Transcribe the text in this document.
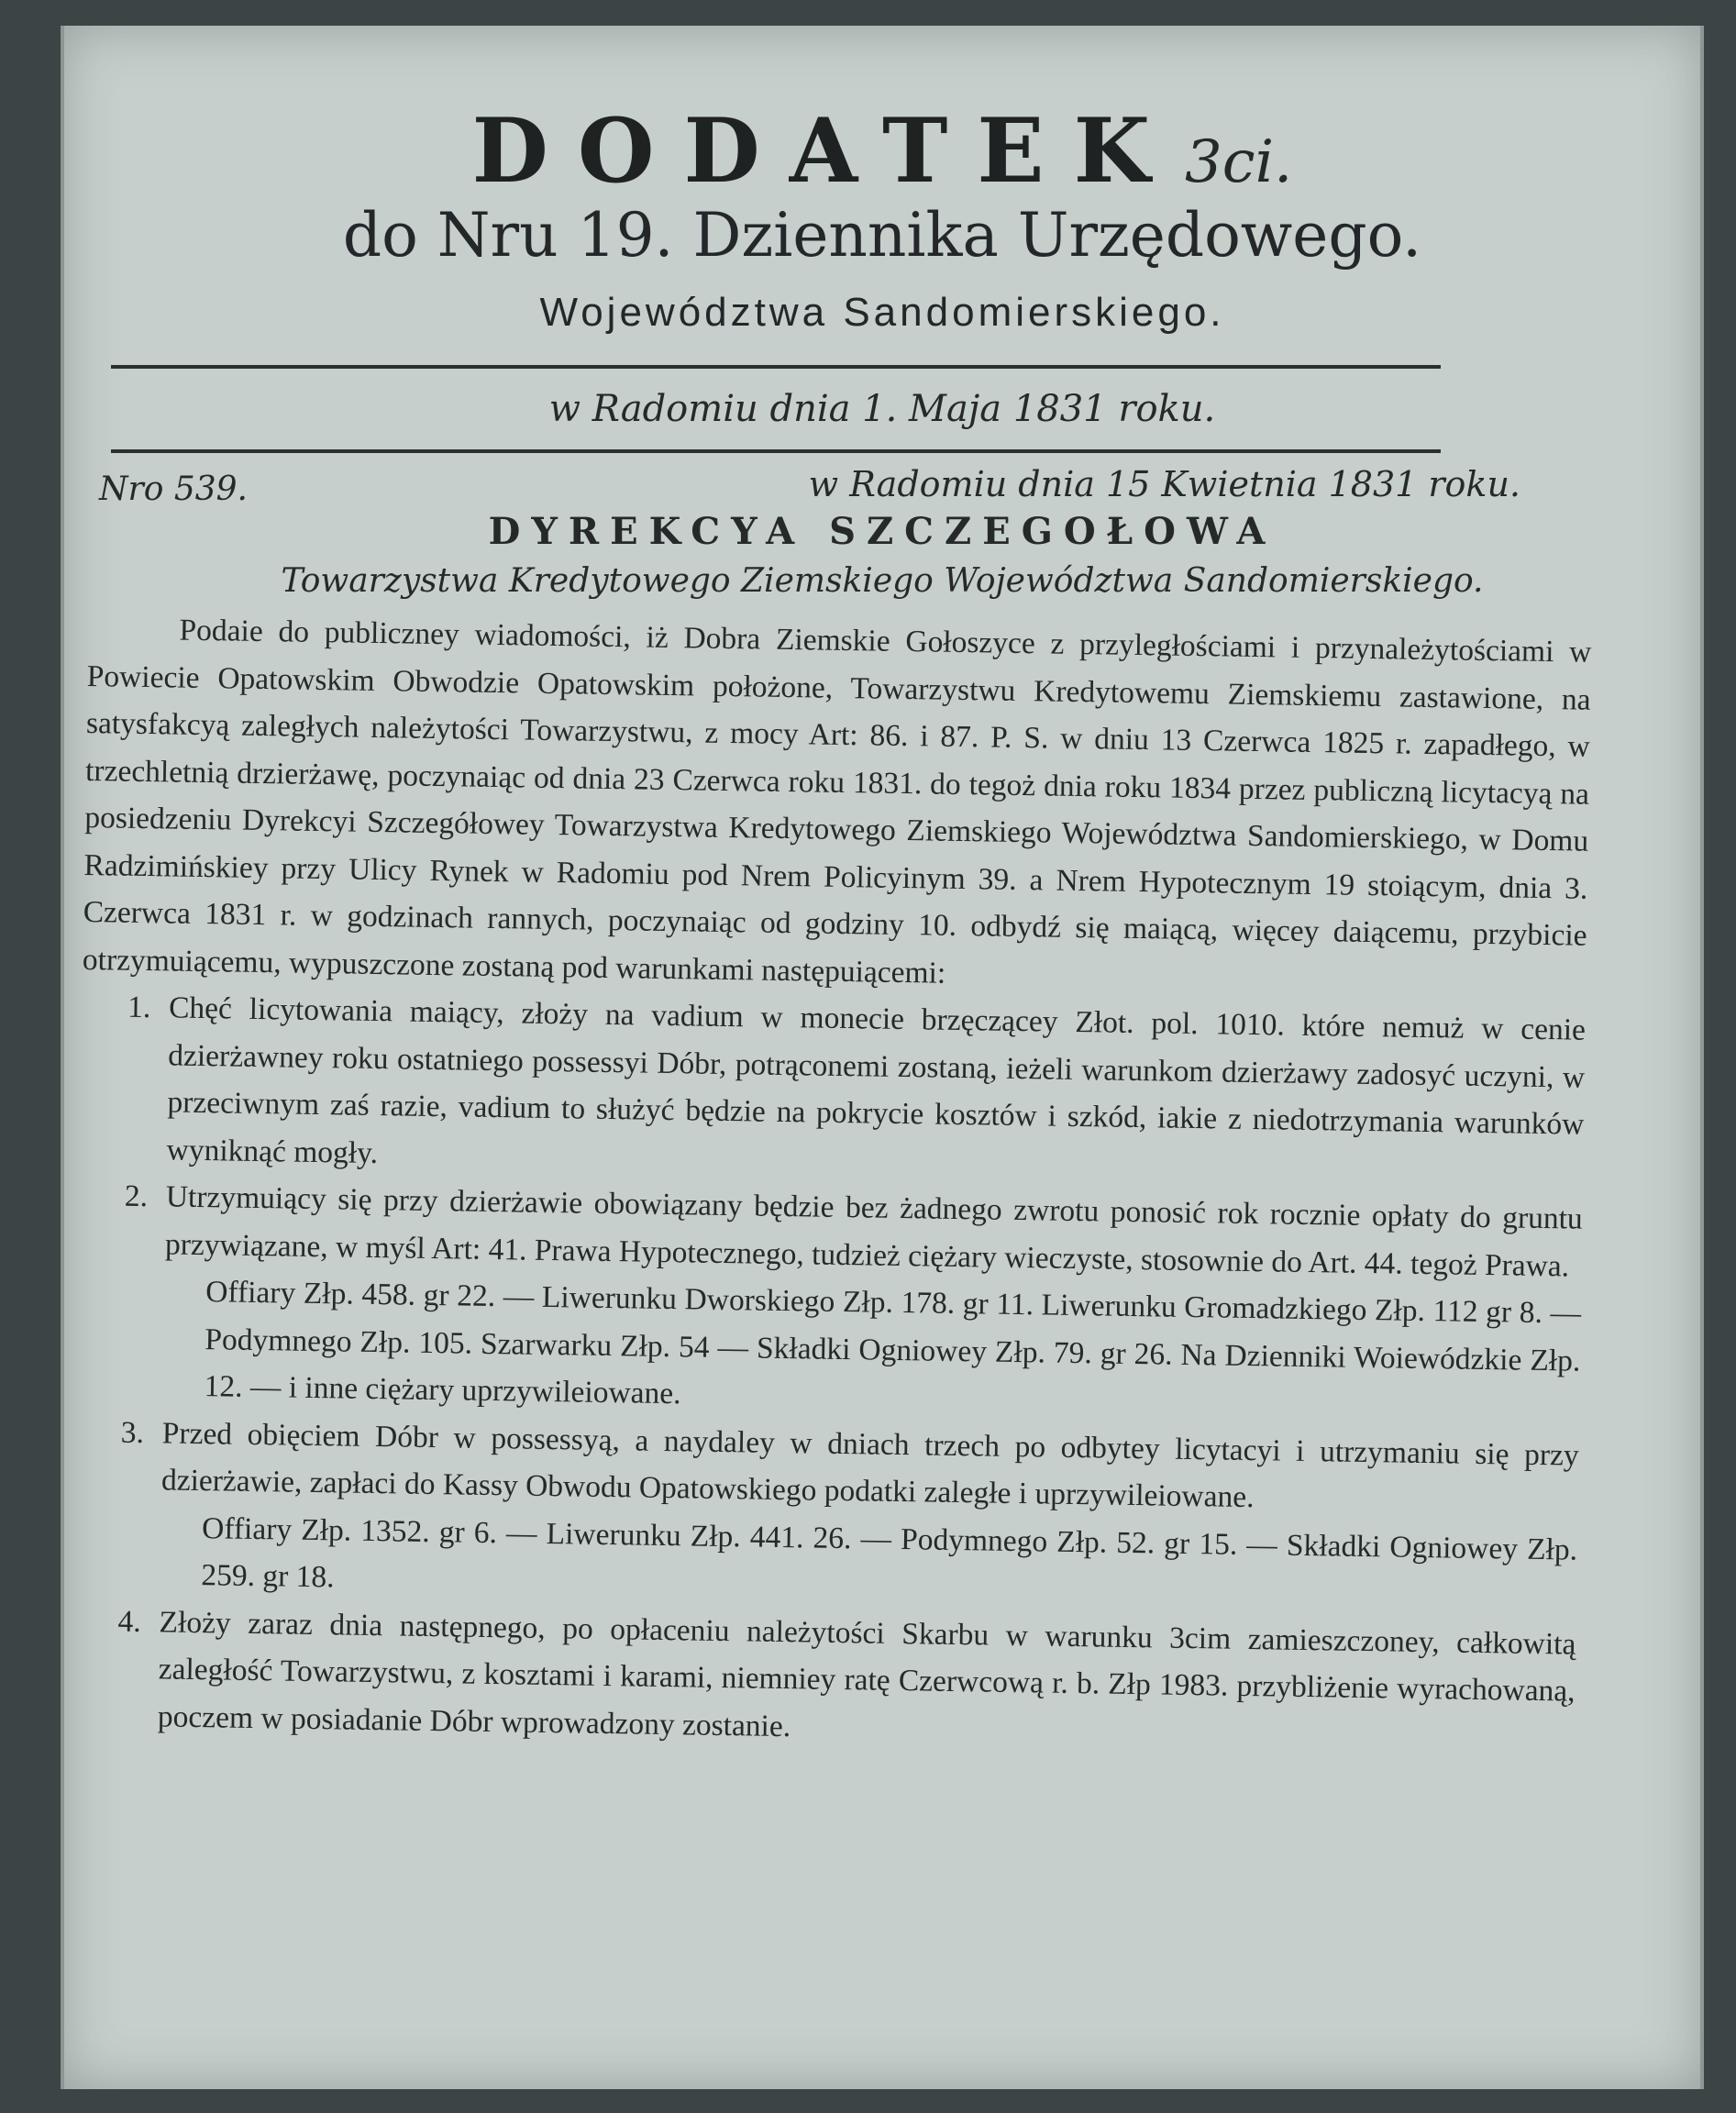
DODATEK3ci.
do Nru 19. Dziennika Urzędowego.
Województwa Sandomierskiego.
w Radomiu dnia 1. Maja 1831 roku.
Nro 539.	w Radomiu dnia 15 Kwietnia 1831 roku.
DYREKCYA SZCZEGOŁOWA
Towarzystwa Kredytowego Ziemskiego Województwa Sandomierskiego.

Podaie do publiczney wiadomości, iż Dobra Ziemskie Gołoszyce z przyległościami i przynależytościami w Powiecie Opatowskim Obwodzie Opatowskim położone, Towarzystwu Kredytowemu Ziemskiemu zastawione, na satysfakcyą zaległych należytości Towarzystwu, z mocy Art: 86. i 87. P. S. w dniu 13 Czerwca 1825 r. zapadłego, w trzechletnią drzierżawę, poczynaiąc od dnia 23 Czerwca roku 1831. do tegoż dnia roku 1834 przez publiczną licytacyą na posiedzeniu Dyrekcyi Szczegółowey Towarzystwa Kredytowego Ziemskiego Województwa Sandomierskiego, w Domu Radzimińskiey przy Ulicy Rynek w Radomiu pod Nrem Policyinym 39. a Nrem Hypotecznym 19 stoiącym, dnia 3. Czerwca 1831 r. w godzinach rannych, poczynaiąc od godziny 10. odbydź się maiącą, więcey daiącemu, przybicie otrzymuiącemu, wypuszczone zostaną pod warunkami następuiącemi:

1. Chęć licytowania maiący, złoży na vadium w monecie brzęczącey Złot. pol. 1010. które nemuż w cenie dzierżawney roku ostatniego possessyi Dóbr, potrąconemi zostaną, ieżeli warunkom dzierżawy zadosyć uczyni, w przeciwnym zaś razie, vadium to służyć będzie na pokrycie kosztów i szkód, iakie z niedotrzymania warunków wyniknąć mogły.

2. Utrzymuiący się przy dzierżawie obowiązany będzie bez żadnego zwrotu ponosić rok rocznie opłaty do gruntu przywiązane, w myśl Art: 41. Prawa Hypotecznego, tudzież ciężary wieczyste, stosownie do Art. 44. tegoż Prawa.

Offiary Złp. 458. gr 22. — Liwerunku Dworskiego Złp. 178. gr 11. Liwerunku Gromadzkiego Złp. 112 gr 8. — Podymnego Złp. 105. Szarwarku Złp. 54 — Składki Ogniowey Złp. 79. gr 26. Na Dzienniki Woiewódzkie Złp. 12. — i inne ciężary uprzywileiowane.

3. Przed obięciem Dóbr w possessyą, a naydaley w dniach trzech po odbytey licytacyi i utrzymaniu się przy dzierżawie, zapłaci do Kassy Obwodu Opatowskiego podatki zaległe i uprzywileiowane.

Offiary Złp. 1352. gr 6. — Liwerunku Złp. 441. 26. — Podymnego Złp. 52. gr 15. — Składki Ogniowey Złp. 259. gr 18.

4. Złoży zaraz dnia następnego, po opłaceniu należytości Skarbu w warunku 3cim zamieszczoney, całkowitą zaległość Towarzystwu, z kosztami i karami, niemniey ratę Czerwcową r. b. Złp 1983. przybliżenie wyrachowaną, poczem w posiadanie Dóbr wprowadzony zostanie.
